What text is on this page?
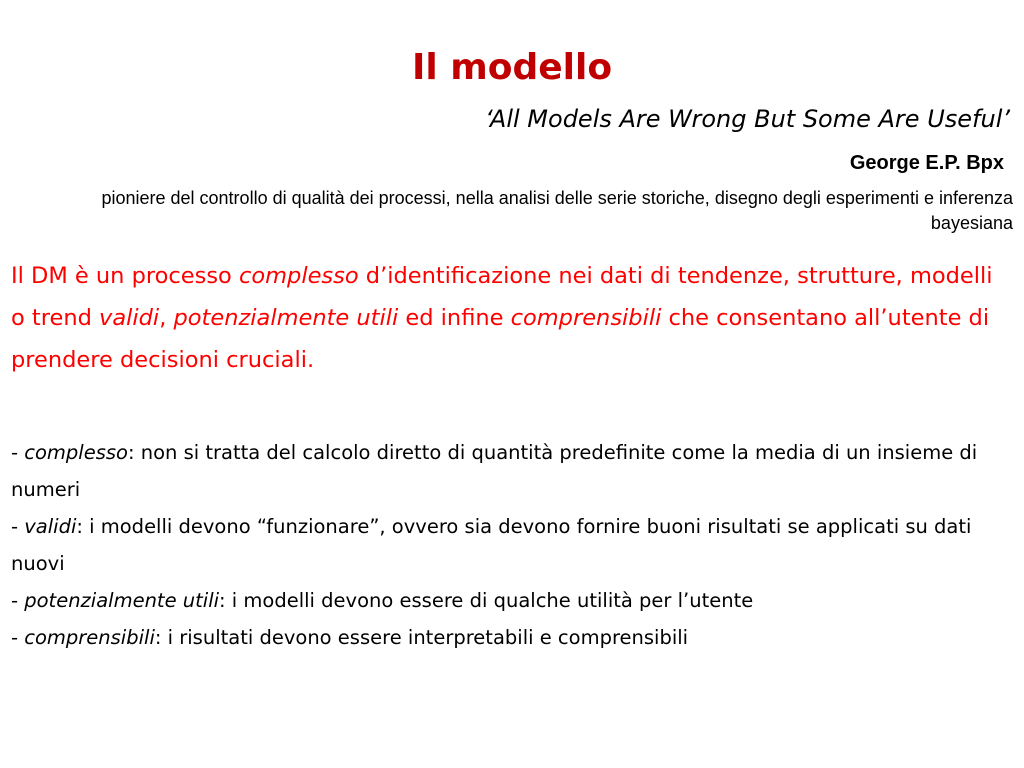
Il modello

‘All Models Are Wrong But Some Are Useful’

George E.P. Bpx

pioniere del controllo di qualità dei processi, nella analisi delle serie storiche, disegno degli esperimenti e inferenza bayesiana

Il DM è un processo complesso d’identificazione nei dati di tendenze, strutture, modelli o trend validi, potenzialmente utili ed infine comprensibili che consentano all’utente di prendere decisioni cruciali.

- complesso: non si tratta del calcolo diretto di quantità predefinite come la media di un insieme di numeri
- validi: i modelli devono “funzionare”, ovvero sia devono fornire buoni risultati se applicati su dati nuovi
- potenzialmente utili: i modelli devono essere di qualche utilità per l’utente
- comprensibili: i risultati devono essere interpretabili e comprensibili
